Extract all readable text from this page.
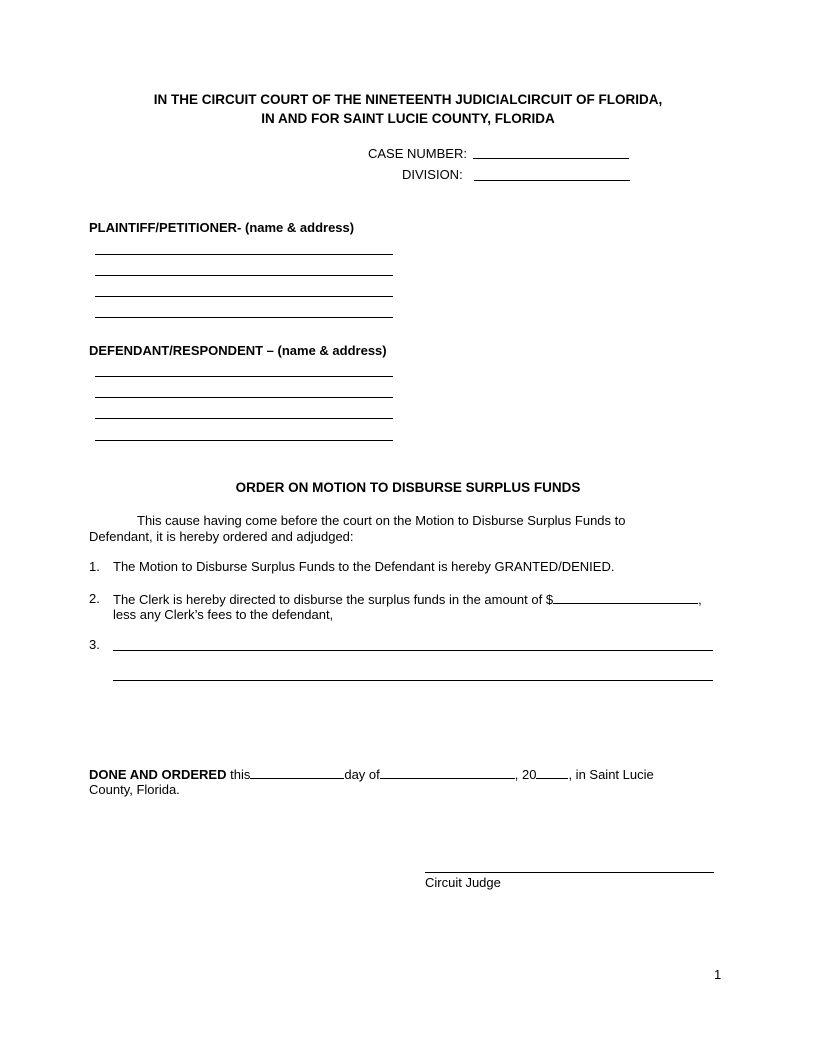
IN THE CIRCUIT COURT OF THE NINETEENTH JUDICIALCIRCUIT OF FLORIDA,
IN AND FOR SAINT LUCIE COUNTY, FLORIDA
CASE NUMBER:
DIVISION:
PLAINTIFF/PETITIONER- (name & address)
DEFENDANT/RESPONDENT – (name & address)
ORDER ON MOTION TO DISBURSE SURPLUS FUNDS
This cause having come before the court on the Motion to Disburse Surplus Funds to
Defendant, it is hereby ordered and adjudged:
1. The Motion to Disburse Surplus Funds to the Defendant is hereby GRANTED/DENIED.
2. The Clerk is hereby directed to disburse the surplus funds in the amount of $	,
less any Clerk’s fees to the defendant,
3.
DONE AND ORDERED this	day of	, 20 , in Saint Lucie
County, Florida.
Circuit Judge
1
